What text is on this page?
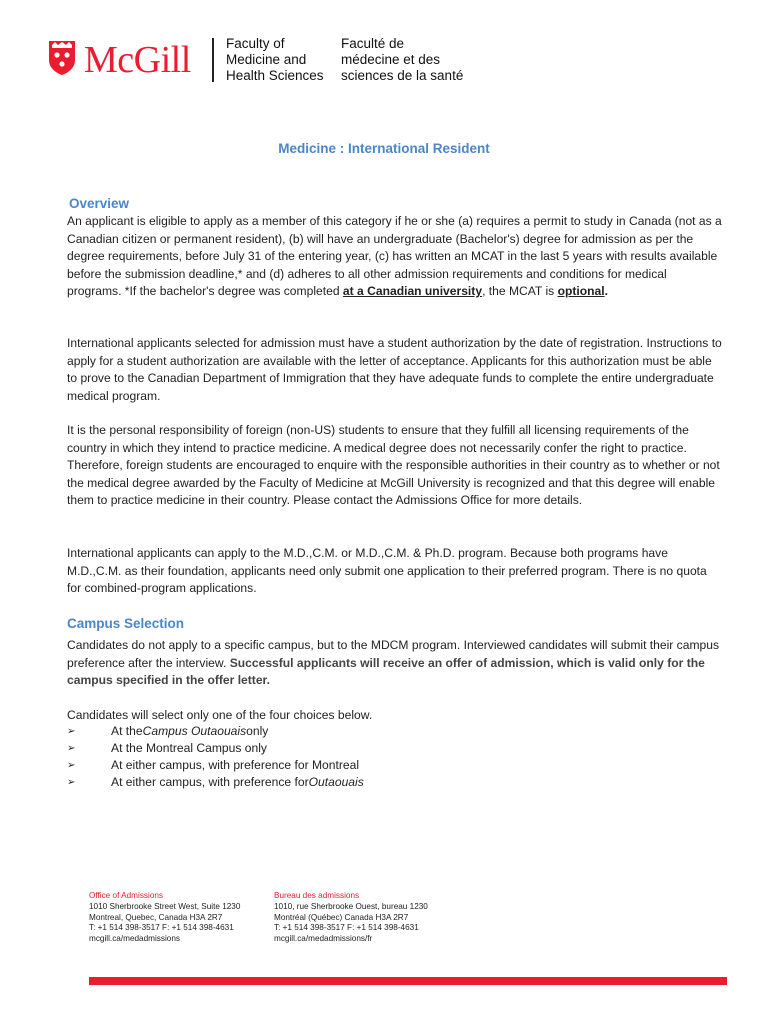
McGill	Faculty of
Medicine and
Health Sciences
Faculté de
médecine et des
sciences de la santé
Medicine : International Resident
Overview

An applicant is eligible to apply as a member of this category if he or she (a) requires a permit to study in Canada (not as a Canadian citizen or permanent resident), (b) will have an undergraduate (Bachelor's) degree for admission as per the degree requirements, before July 31 of the entering year, (c) has written an MCAT in the last 5 years with results available before the submission deadline,* and (d) adheres to all other admission requirements and conditions for medical programs. *If the bachelor's degree was completed at a Canadian university, the MCAT is optional.

International applicants selected for admission must have a student authorization by the date of registration. Instructions to apply for a student authorization are available with the letter of acceptance. Applicants for this authorization must be able to prove to the Canadian Department of Immigration that they have adequate funds to complete the entire undergraduate medical program.

It is the personal responsibility of foreign (non-US) students to ensure that they fulfill all licensing requirements of the country in which they intend to practice medicine. A medical degree does not necessarily confer the right to practice. Therefore, foreign students are encouraged to enquire with the responsible authorities in their country as to whether or not the medical degree awarded by the Faculty of Medicine at McGill University is recognized and that this degree will enable them to practice medicine in their country. Please contact the Admissions Office for more details.

International applicants can apply to the M.D.,C.M. or M.D.,C.M. & Ph.D. program. Because both programs have M.D.,C.M. as their foundation, applicants need only submit one application to their preferred program. There is no quota for combined-program applications.

Campus Selection

Candidates do not apply to a specific campus, but to the MDCM program. Interviewed candidates will submit their campus preference after the interview. Successful applicants will receive an offer of admission, which is valid only for the campus specified in the offer letter.

Candidates will select only one of the four choices below.

➢	At the Campus Outaouais only
➢	At the Montreal Campus only
➢	At either campus, with preference for Montreal
➢	At either campus, with preference for Outaouais
Office of Admissions
1010 Sherbrooke Street West, Suite 1230
Montreal, Quebec, Canada H3A 2R7
T: +1 514 398-3517 F: +1 514 398-4631
mcgill.ca/medadmissions
Bureau des admissions
1010, rue Sherbrooke Ouest, bureau 1230
Montréal (Québec) Canada H3A 2R7
T: +1 514 398-3517 F: +1 514 398-4631
mcgill.ca/medadmissions/fr
